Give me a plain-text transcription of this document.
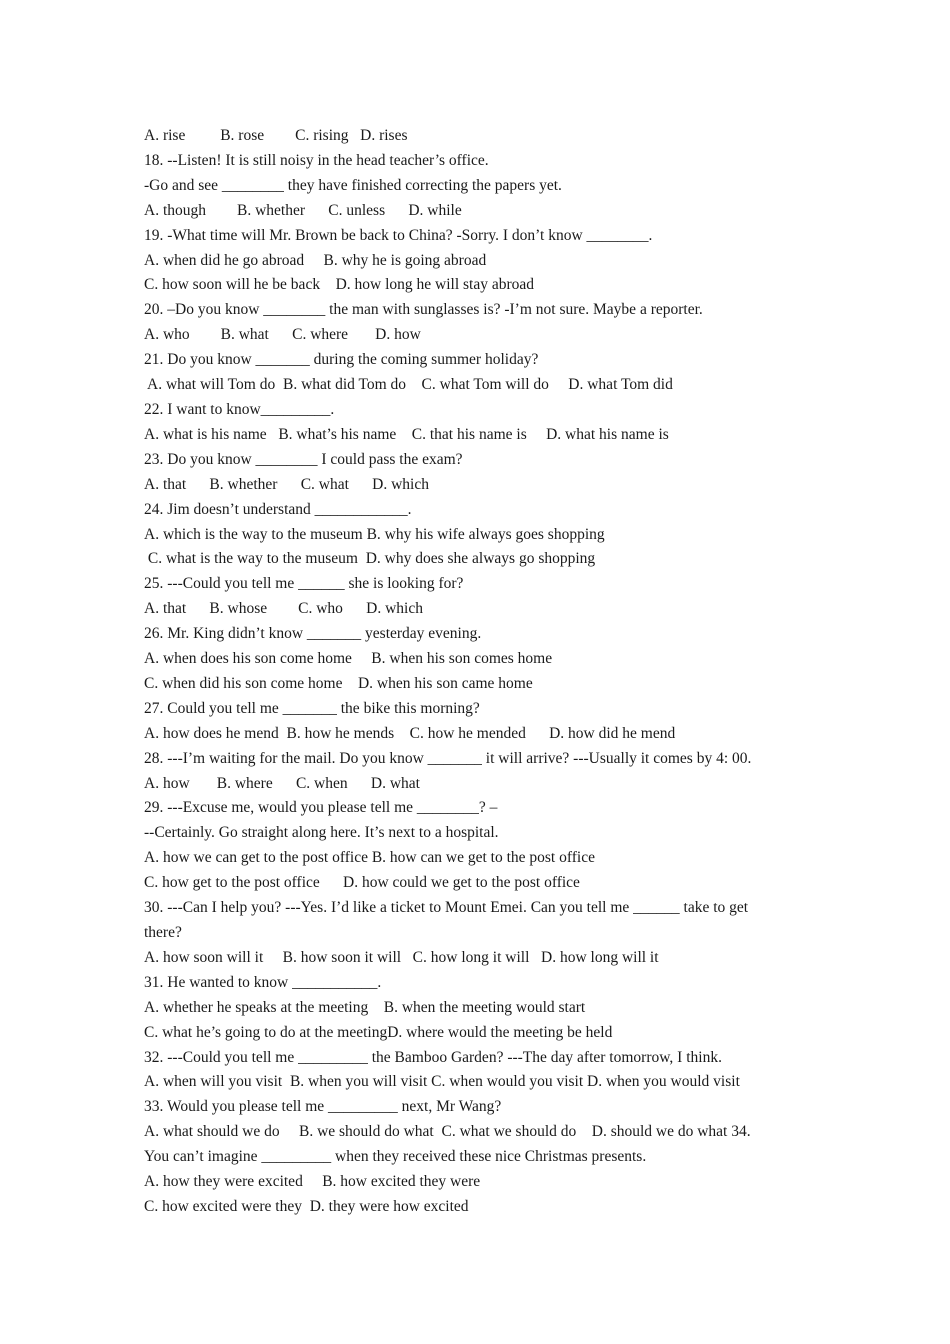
A. rise         B. rose        C. rising   D. rises
18. --Listen! It is still noisy in the head teacher’s office.
-Go and see ________ they have finished correcting the papers yet.
A. though        B. whether      C. unless      D. while
19. -What time will Mr. Brown be back to China? -Sorry. I don’t know ________.
A. when did he go abroad     B. why he is going abroad
C. how soon will he be back    D. how long he will stay abroad
20. –Do you know ________ the man with sunglasses is? -I’m not sure. Maybe a reporter.
A. who        B. what      C. where       D. how
21. Do you know _______ during the coming summer holiday?
A. what will Tom do  B. what did Tom do    C. what Tom will do     D. what Tom did
22. I want to know_________.
A. what is his name   B. what’s his name    C. that his name is     D. what his name is
23. Do you know ________ I could pass the exam?
A. that      B. whether      C. what      D. which
24. Jim doesn’t understand ____________.
A. which is the way to the museum B. why his wife always goes shopping
C. what is the way to the museum  D. why does she always go shopping
25. ---Could you tell me ______ she is looking for?
A. that      B. whose        C. who      D. which
26. Mr. King didn’t know _______ yesterday evening.
A. when does his son come home     B. when his son comes home
C. when did his son come home    D. when his son came home
27. Could you tell me _______ the bike this morning?
A. how does he mend  B. how he mends    C. how he mended      D. how did he mend
28. ---I’m waiting for the mail. Do you know _______ it will arrive? ---Usually it comes by 4: 00.
A. how       B. where      C. when      D. what
29. ---Excuse me, would you please tell me ________? –
--Certainly. Go straight along here. It’s next to a hospital.
A. how we can get to the post office B. how can we get to the post office
C. how get to the post office      D. how could we get to the post office
30. ---Can I help you? ---Yes. I’d like a ticket to Mount Emei. Can you tell me ______ take to get
there?
A. how soon will it     B. how soon it will   C. how long it will   D. how long will it
31. He wanted to know ___________.
A. whether he speaks at the meeting    B. when the meeting would start
C. what he’s going to do at the meetingD. where would the meeting be held
32. ---Could you tell me _________ the Bamboo Garden? ---The day after tomorrow, I think.
A. when will you visit  B. when you will visit C. when would you visit D. when you would visit
33. Would you please tell me _________ next, Mr Wang?
A. what should we do     B. we should do what  C. what we should do    D. should we do what 34.
You can’t imagine _________ when they received these nice Christmas presents.
A. how they were excited     B. how excited they were
C. how excited were they  D. they were how excited
